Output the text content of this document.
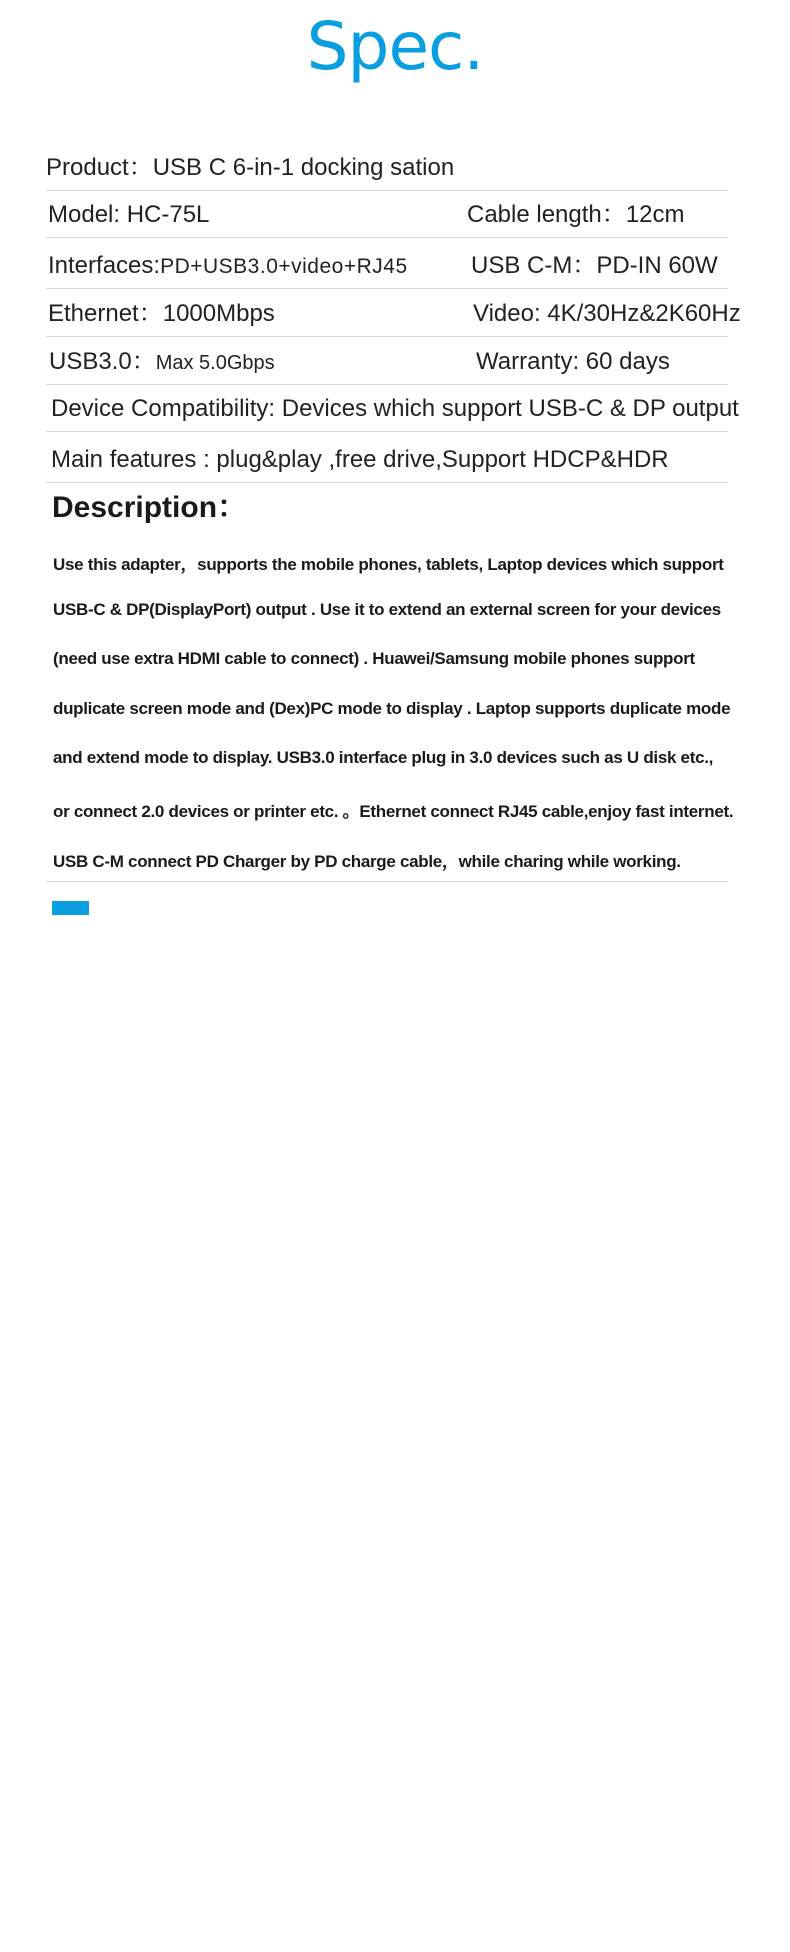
Spec.
Product：USB C 6-in-1 docking sation
Model: HC-75L	Cable length：12cm
Interfaces:PD+USB3.0+video+RJ45	USB C-M：PD-IN 60W
Ethernet：1000Mbps	Video: 4K/30Hz&2K60Hz
USB3.0：Max 5.0Gbps	Warranty: 60 days
Device Compatibility: Devices which support USB-C & DP output
Main features : plug&play ,free drive,Support HDCP&HDR
Description：
Use this adapter，supports the mobile phones, tablets, Laptop devices which support
USB-C & DP(DisplayPort) output . Use it to extend an external screen for your devices
(need use extra HDMI cable to connect) . Huawei/Samsung mobile phones support
duplicate screen mode and (Dex)PC mode to display . Laptop supports duplicate mode
and extend mode to display. USB3.0 interface plug in 3.0 devices such as U disk etc.,
or connect 2.0 devices or printer etc. 。Ethernet connect RJ45 cable,enjoy fast internet.
USB C-M connect PD Charger by PD charge cable，while charing while working.
